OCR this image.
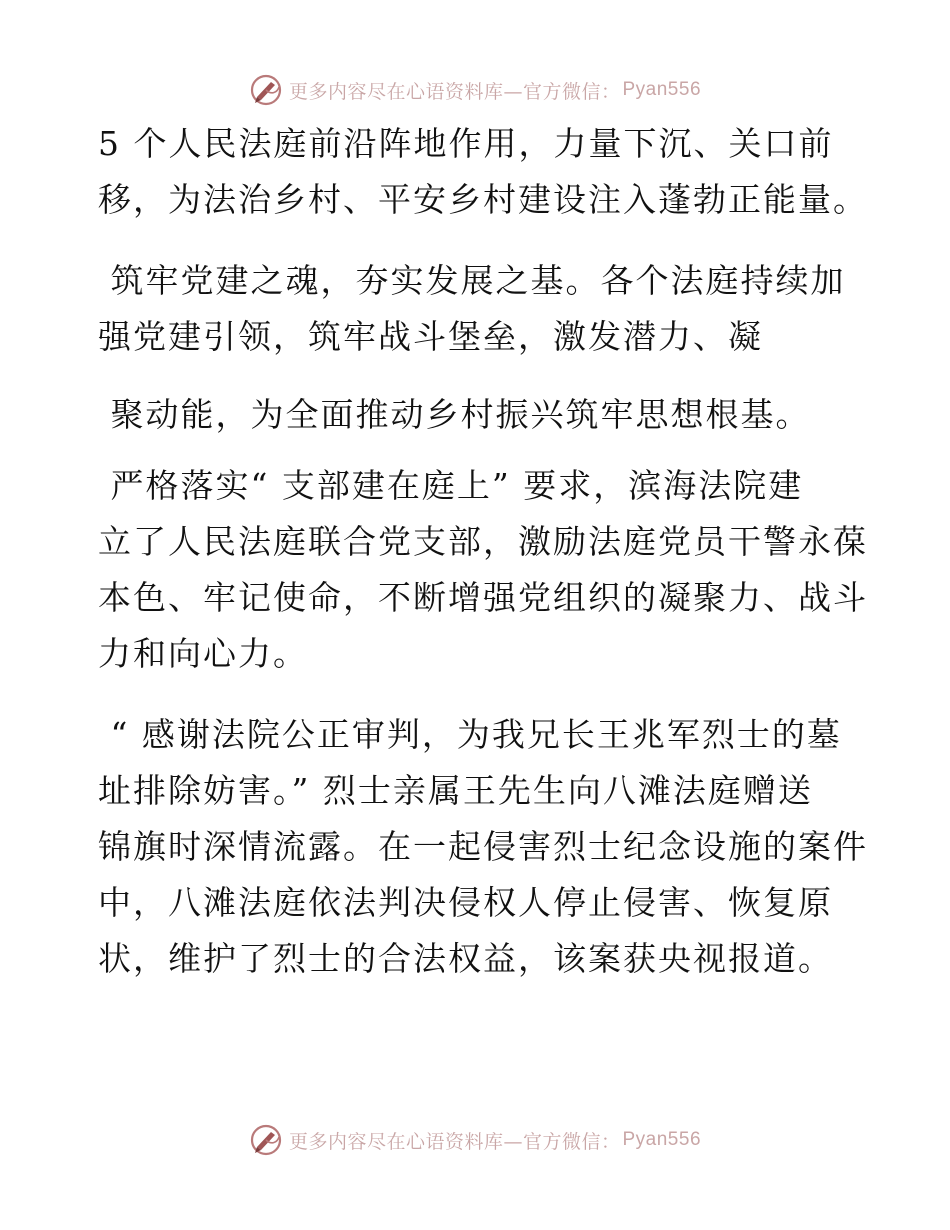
更多内容尽在心语资料库—官方微信： Pyan556
5 个人民法庭前沿阵地作用，力量下沉、关口前
移，为法治乡村、平安乡村建设注入蓬勃正能量。
筑牢党建之魂，夯实发展之基。各个法庭持续加
强党建引领，筑牢战斗堡垒，激发潜力、凝
聚动能，为全面推动乡村振兴筑牢思想根基。
严格落实“ 支部建在庭上” 要求，滨海法院建
立了人民法庭联合党支部，激励法庭党员干警永葆
本色、牢记使命，不断增强党组织的凝聚力、战斗
力和向心力。
“ 感谢法院公正审判，为我兄长王兆军烈士的墓
址排除妨害。” 烈士亲属王先生向八滩法庭赠送
锦旗时深情流露。在一起侵害烈士纪念设施的案件
中，八滩法庭依法判决侵权人停止侵害、恢复原
状，维护了烈士的合法权益，该案获央视报道。
更多内容尽在心语资料库—官方微信： Pyan556
